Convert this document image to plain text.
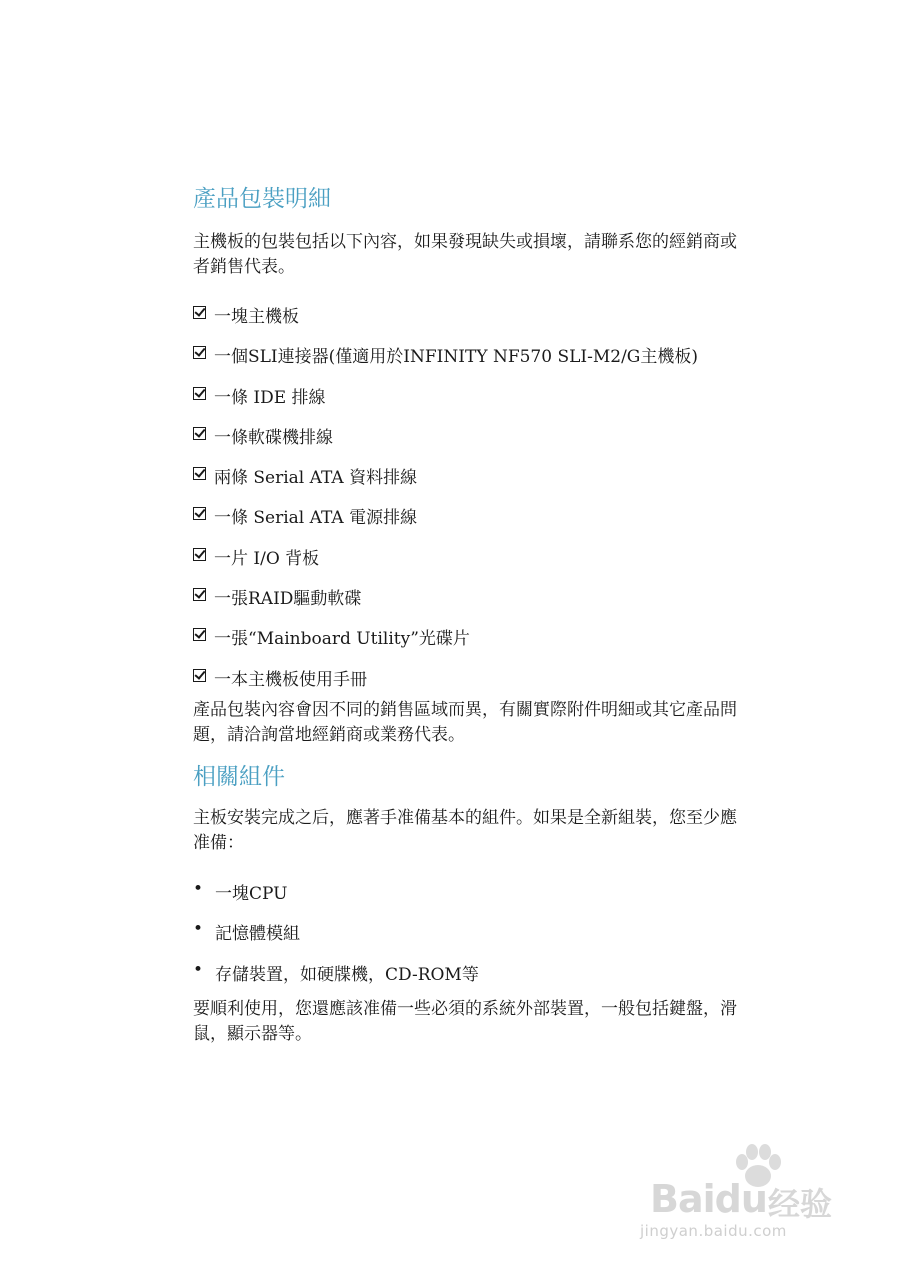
產品包裝明細

主機板的包裝包括以下內容，如果發現缺失或損壞，請聯系您的經銷商或者銷售代表。

一塊主機板
一個SLI連接器(僅適用於INFINITY NF570 SLI-M2/G主機板)
一條 IDE 排線
一條軟碟機排線
兩條 Serial ATA 資料排線
一條 Serial ATA 電源排線
一片 I/O 背板
一張RAID驅動軟碟
一張“Mainboard Utility”光碟片
一本主機板使用手冊

產品包裝內容會因不同的銷售區域而異，有關實際附件明細或其它產品問題，請洽詢當地經銷商或業務代表。

相關組件

主板安裝完成之后，應著手准備基本的組件。如果是全新組裝，您至少應准備：

• 一塊CPU
• 記憶體模組
• 存儲裝置，如硬牒機，CD-ROM等

要順利使用，您還應該准備一些必須的系統外部裝置，一般包括鍵盤，滑鼠，顯示器等。

Baidu 经验
jingyan.baidu.com
